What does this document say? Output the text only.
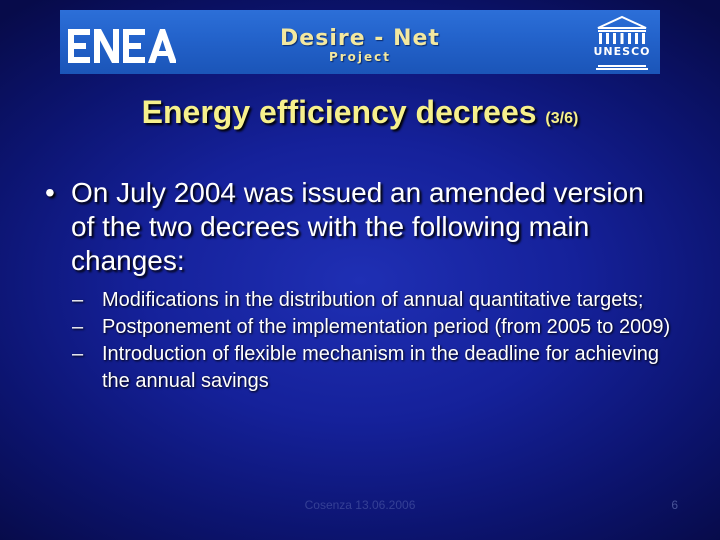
Desire - Net
Project	UNESCO
Energy efficiency decrees (3/6)
• On July 2004 was issued an amended version of the two decrees with the following main changes:
– Modifications in the distribution of annual quantitative targets;
– Postponement of the implementation period (from 2005 to 2009)
– Introduction of flexible mechanism in the deadline for achieving the annual savings
Cosenza 13.06.2006	6
